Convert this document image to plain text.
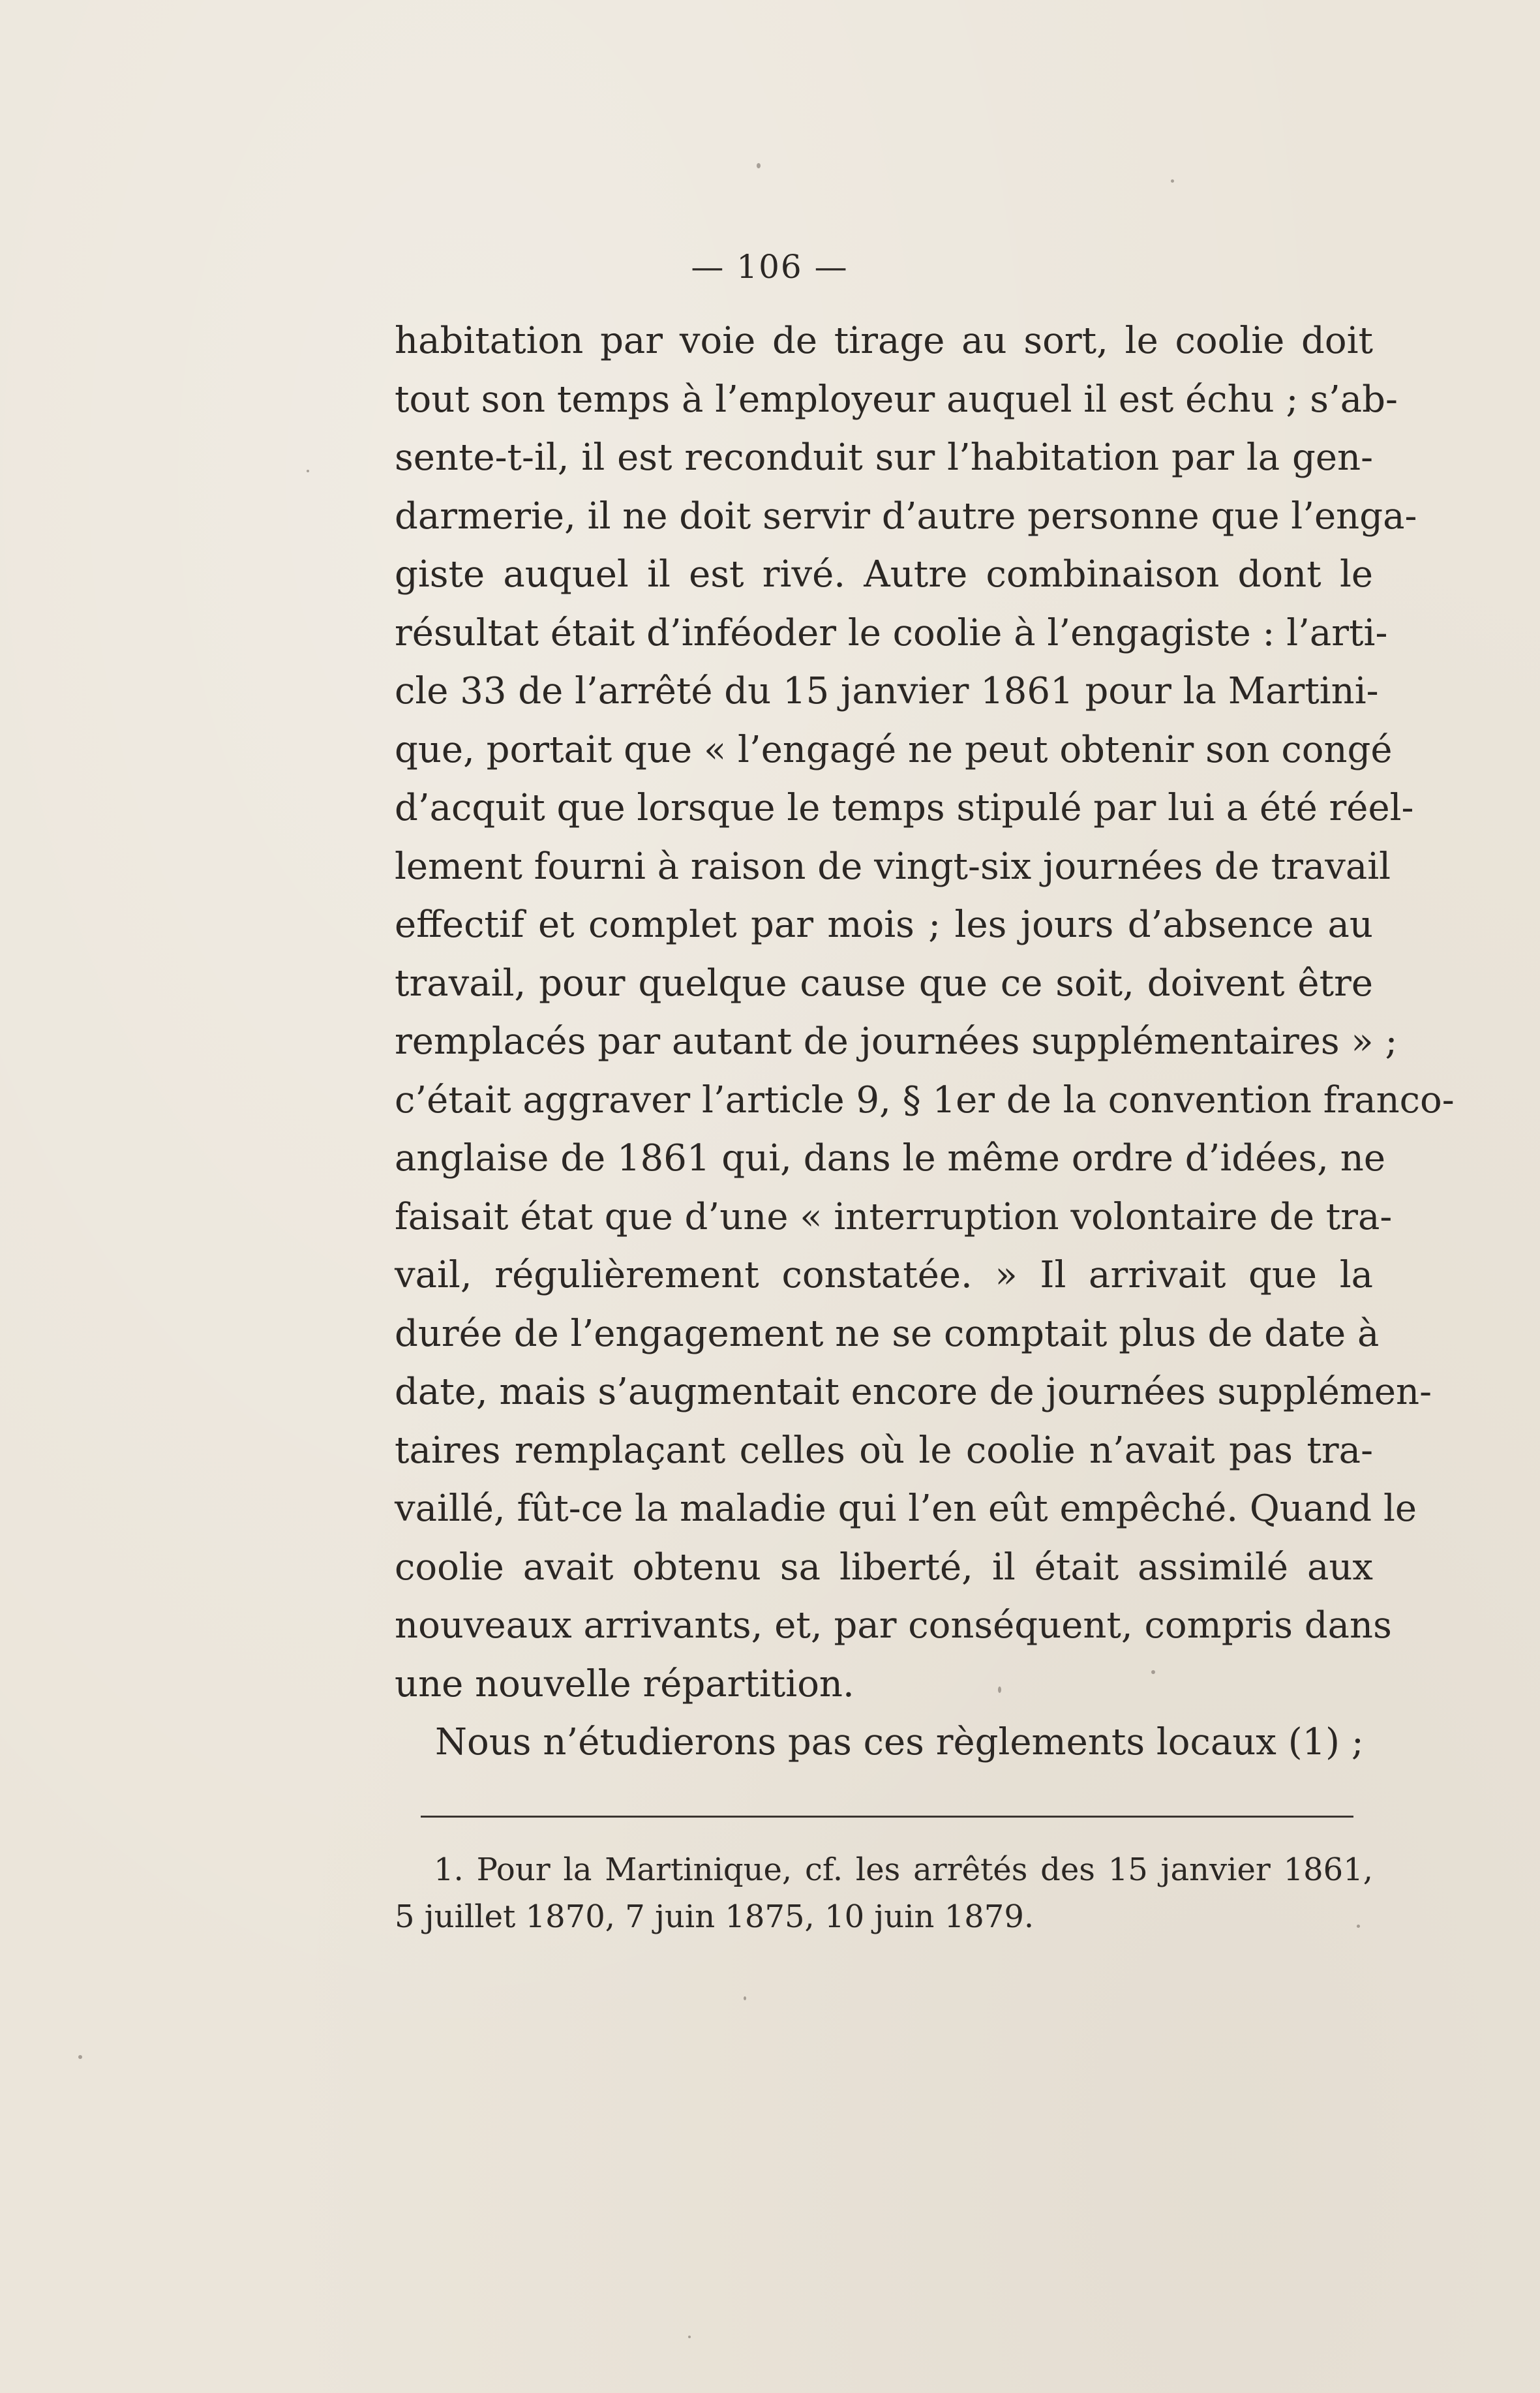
— 106 —
habitation par voie de tirage au sort, le coolie doit
tout son temps à l’employeur auquel il est échu ; s’ab-
sente-t-il, il est reconduit sur l’habitation par la gen-
darmerie, il ne doit servir d’autre personne que l’enga-
giste auquel il est rivé. Autre combinaison dont le
résultat était d’inféoder le coolie à l’engagiste : l’arti-
cle 33 de l’arrêté du 15 janvier 1861 pour la Martini-
que, portait que « l’engagé ne peut obtenir son congé
d’acquit que lorsque le temps stipulé par lui a été réel-
lement fourni à raison de vingt-six journées de travail
effectif et complet par mois ; les jours d’absence au
travail, pour quelque cause que ce soit, doivent être
remplacés par autant de journées supplémentaires » ;
c’était aggraver l’article 9, § 1er de la convention franco-
anglaise de 1861 qui, dans le même ordre d’idées, ne
faisait état que d’une « interruption volontaire de tra-
vail, régulièrement constatée. » Il arrivait que la
durée de l’engagement ne se comptait plus de date à
date, mais s’augmentait encore de journées supplémen-
taires remplaçant celles où le coolie n’avait pas tra-
vaillé, fût-ce la maladie qui l’en eût empêché. Quand le
coolie avait obtenu sa liberté, il était assimilé aux
nouveaux arrivants, et, par conséquent, compris dans
une nouvelle répartition.
Nous n’étudierons pas ces règlements locaux (1) ;
1. Pour la Martinique, cf. les arrêtés des 15 janvier 1861,
5 juillet 1870, 7 juin 1875, 10 juin 1879.
